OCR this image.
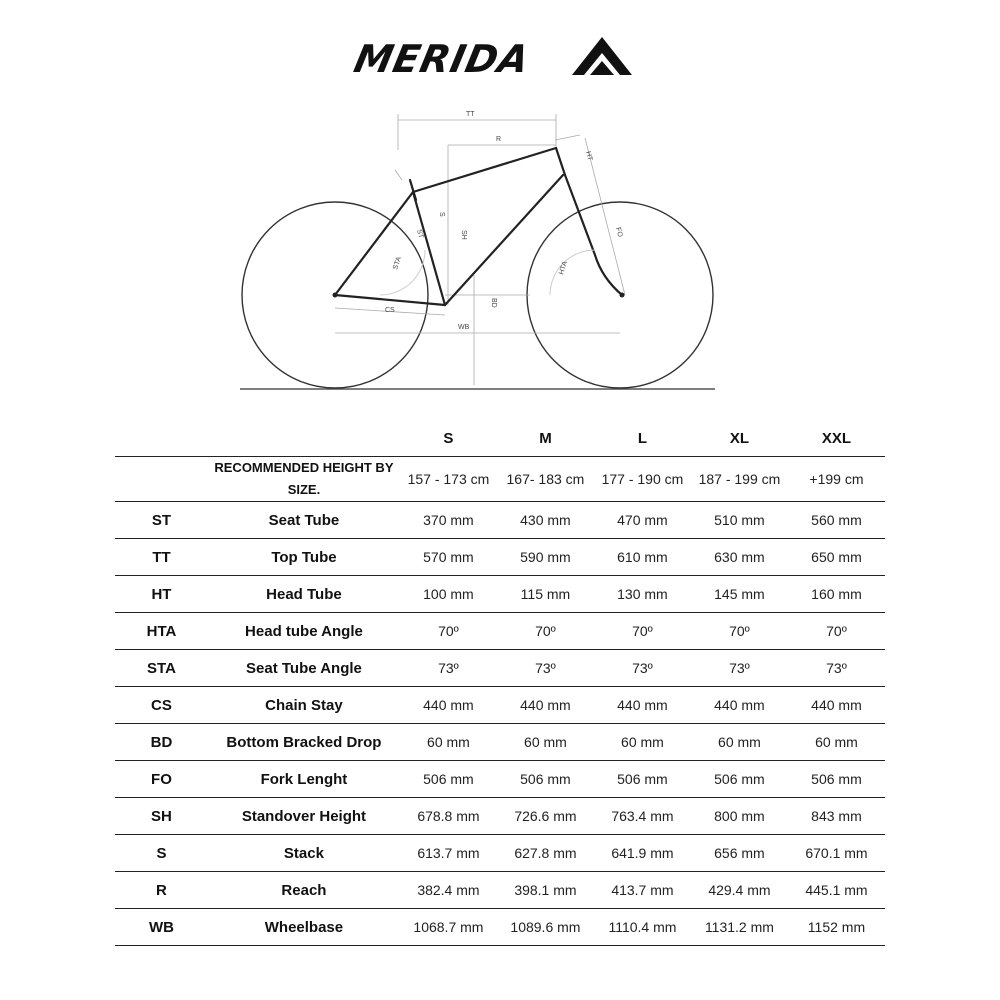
MERIDA
TT
R
HT
ST
S
SH
STA	HTA
FO
CS
BD
WB
		S	M	L	XL	XXL
	RECOMMENDED HEIGHT BY SIZE.	157 - 173 cm	167- 183 cm	177 - 190 cm	187 - 199 cm	+199 cm
ST	Seat Tube	370 mm	430 mm	470 mm	510 mm	560 mm
TT	Top Tube	570 mm	590 mm	610 mm	630 mm	650 mm
HT	Head Tube	100 mm	115 mm	130 mm	145 mm	160 mm
HTA	Head tube Angle	70º	70º	70º	70º	70º
STA	Seat Tube Angle	73º	73º	73º	73º	73º
CS	Chain Stay	440 mm	440 mm	440 mm	440 mm	440 mm
BD	Bottom Bracked Drop	60 mm	60 mm	60 mm	60 mm	60 mm
FO	Fork Lenght	506 mm	506 mm	506 mm	506 mm	506 mm
SH	Standover Height	678.8 mm	726.6 mm	763.4 mm	800 mm	843 mm
S	Stack	613.7 mm	627.8 mm	641.9 mm	656 mm	670.1 mm
R	Reach	382.4 mm	398.1 mm	413.7 mm	429.4 mm	445.1 mm
WB	Wheelbase	1068.7 mm	1089.6 mm	1110.4 mm	1131.2 mm	1152 mm
